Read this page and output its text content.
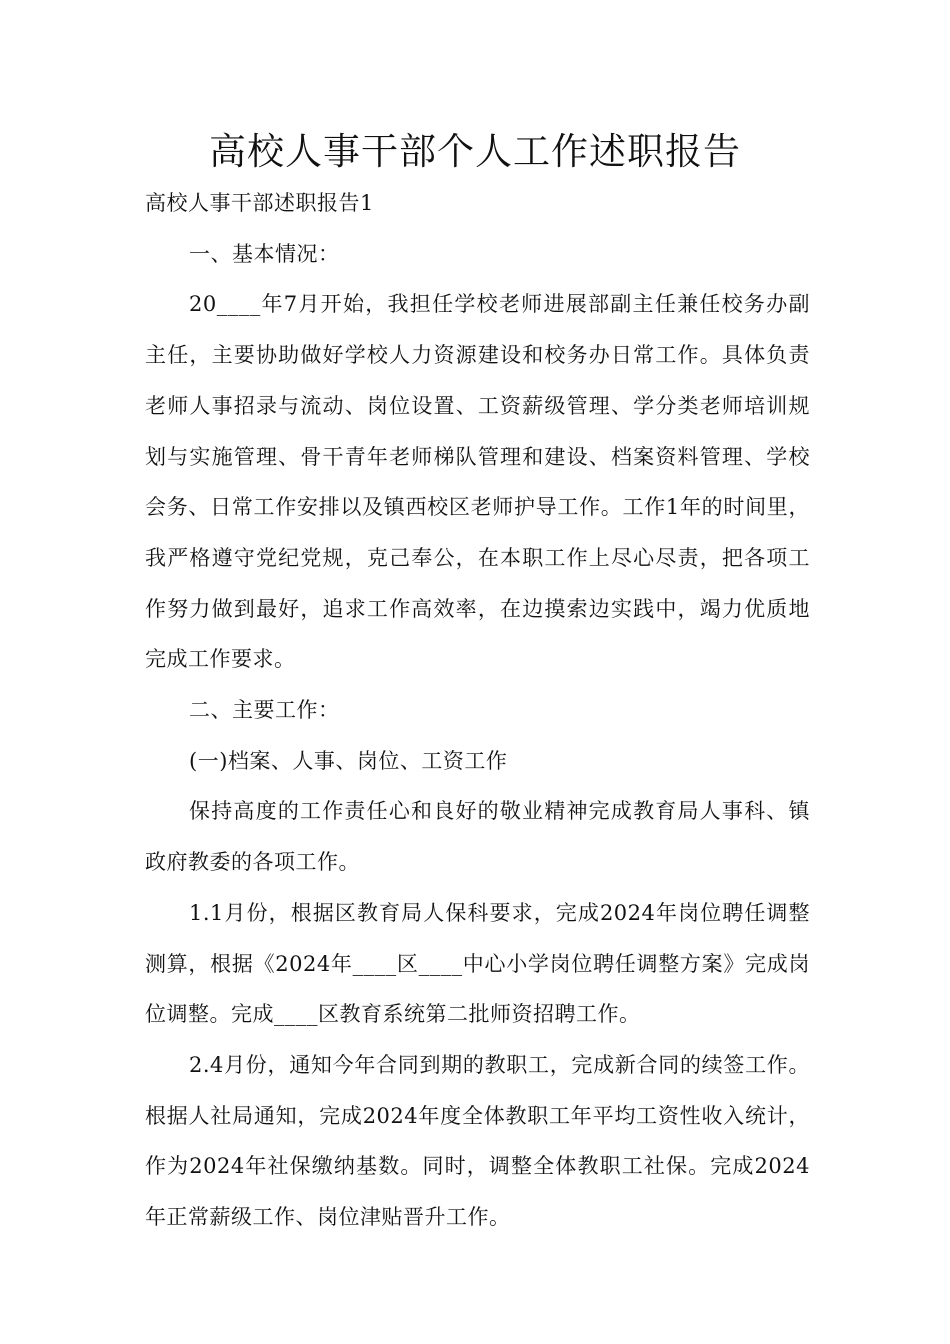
高校人事干部个人工作述职报告

高校人事干部述职报告1

一、基本情况：

20____年7月开始，我担任学校老师进展部副主任兼任校务办副主任，主要协助做好学校人力资源建设和校务办日常工作。具体负责老师人事招录与流动、岗位设置、工资薪级管理、学分类老师培训规划与实施管理、骨干青年老师梯队管理和建设、档案资料管理、学校会务、日常工作安排以及镇西校区老师护导工作。工作1年的时间里，我严格遵守党纪党规，克己奉公，在本职工作上尽心尽责，把各项工作努力做到最好，追求工作高效率，在边摸索边实践中，竭力优质地完成工作要求。

二、主要工作：

(一)档案、人事、岗位、工资工作

保持高度的工作责任心和良好的敬业精神完成教育局人事科、镇政府教委的各项工作。

1.1月份，根据区教育局人保科要求，完成2024年岗位聘任调整测算，根据《2024年____区____中心小学岗位聘任调整方案》完成岗位调整。完成____区教育系统第二批师资招聘工作。

2.4月份，通知今年合同到期的教职工，完成新合同的续签工作。根据人社局通知，完成2024年度全体教职工年平均工资性收入统计，作为2024年社保缴纳基数。同时，调整全体教职工社保。完成2024年正常薪级工作、岗位津贴晋升工作。
